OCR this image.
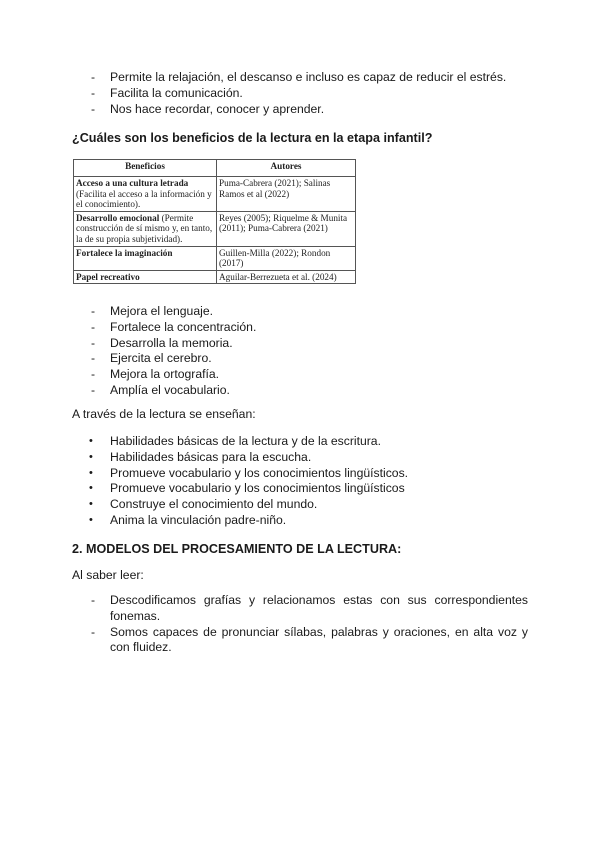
- Permite la relajación, el descanso e incluso es capaz de reducir el estrés.
- Facilita la comunicación.
- Nos hace recordar, conocer y aprender.
¿Cuáles son los beneficios de la lectura en la etapa infantil?
Beneficios	Autores
Acceso a una cultura letrada
(Facilita el acceso a la información y el conocimiento).	Puma-Cabrera (2021); Salinas Ramos et al (2022)
Desarrollo emocional (Permite construcción de sí mismo y, en tanto, la de su propia subjetividad).	Reyes (2005); Riquelme & Munita (2011); Puma-Cabrera (2021)
Fortalece la imaginación	Guillen-Milla (2022); Rondon (2017)
Papel recreativo	Aguilar-Berrezueta et al. (2024)
- Mejora el lenguaje.
- Fortalece la concentración.
- Desarrolla la memoria.
- Ejercita el cerebro.
- Mejora la ortografía.
- Amplía el vocabulario.
A través de la lectura se enseñan:
• Habilidades básicas de la lectura y de la escritura.
• Habilidades básicas para la escucha.
• Promueve vocabulario y los conocimientos lingüísticos.
• Promueve vocabulario y los conocimientos lingüísticos
• Construye el conocimiento del mundo.
• Anima la vinculación padre-niño.
2. MODELOS DEL PROCESAMIENTO DE LA LECTURA:
Al saber leer:
- Descodificamos grafías y relacionamos estas con sus correspondientes fonemas.
- Somos capaces de pronunciar sílabas, palabras y oraciones, en alta voz y con fluidez.
